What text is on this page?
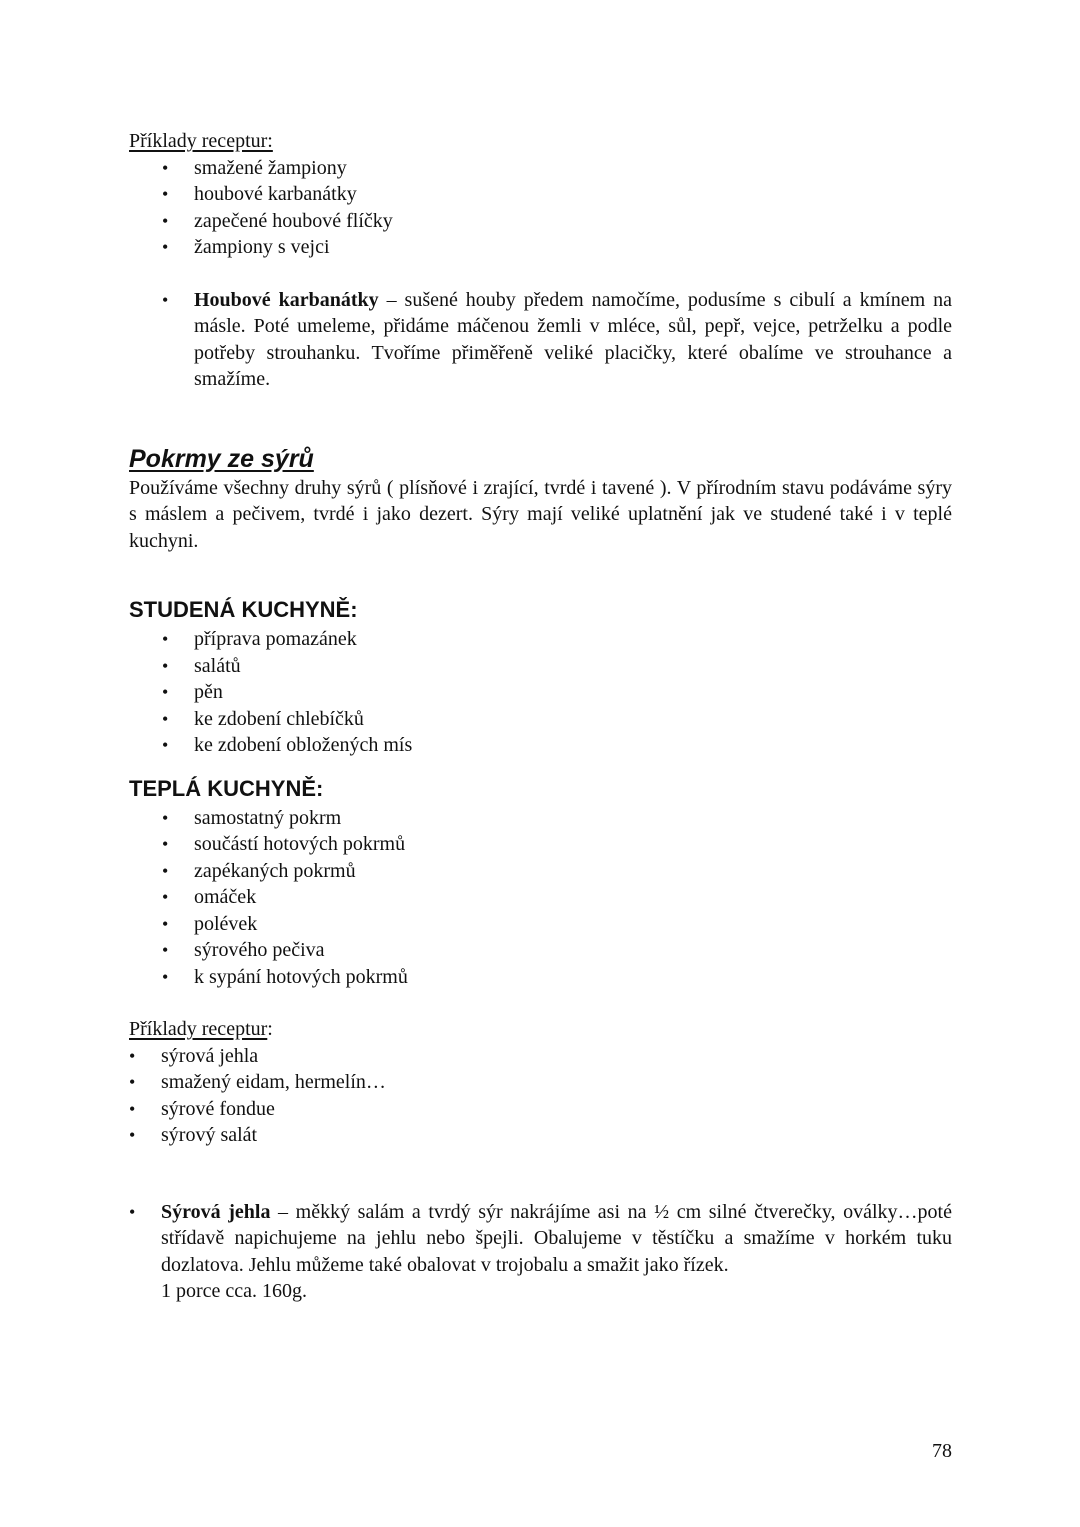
Příklady receptur:
• smažené žampiony
• houbové karbanátky
• zapečené houbové flíčky
• žampiony s vejci
• Houbové karbanátky – sušené houby předem namočíme, podusíme s cibulí a kmínem na másle. Poté umeleme, přidáme máčenou žemli v mléce, sůl, pepř, vejce, petrželku a podle potřeby strouhanku. Tvoříme přiměřeně veliké placičky, které obalíme ve strouhance a smažíme.
Pokrmy ze sýrů
Používáme všechny druhy sýrů ( plísňové i zrající, tvrdé i tavené ). V přírodním stavu podáváme sýry s máslem a pečivem, tvrdé i jako dezert. Sýry mají veliké uplatnění jak ve studené také i v teplé kuchyni.
STUDENÁ KUCHYNĚ:
• příprava pomazánek
• salátů
• pěn
• ke zdobení chlebíčků
• ke zdobení obložených mís
TEPLÁ KUCHYNĚ:
• samostatný pokrm
• součástí hotových pokrmů
• zapékaných pokrmů
• omáček
• polévek
• sýrového pečiva
• k sypání hotových pokrmů
Příklady receptur:
• sýrová jehla
• smažený eidam, hermelín…
• sýrové fondue
• sýrový salát
• Sýrová jehla – měkký salám a tvrdý sýr nakrájíme asi na ½ cm silné čtverečky, oválky…poté střídavě napichujeme na jehlu nebo špejli. Obalujeme v těstíčku a smažíme v horkém tuku dozlatova. Jehlu můžeme také obalovat v trojobalu a smažit jako řízek.
1 porce cca. 160g.
78
